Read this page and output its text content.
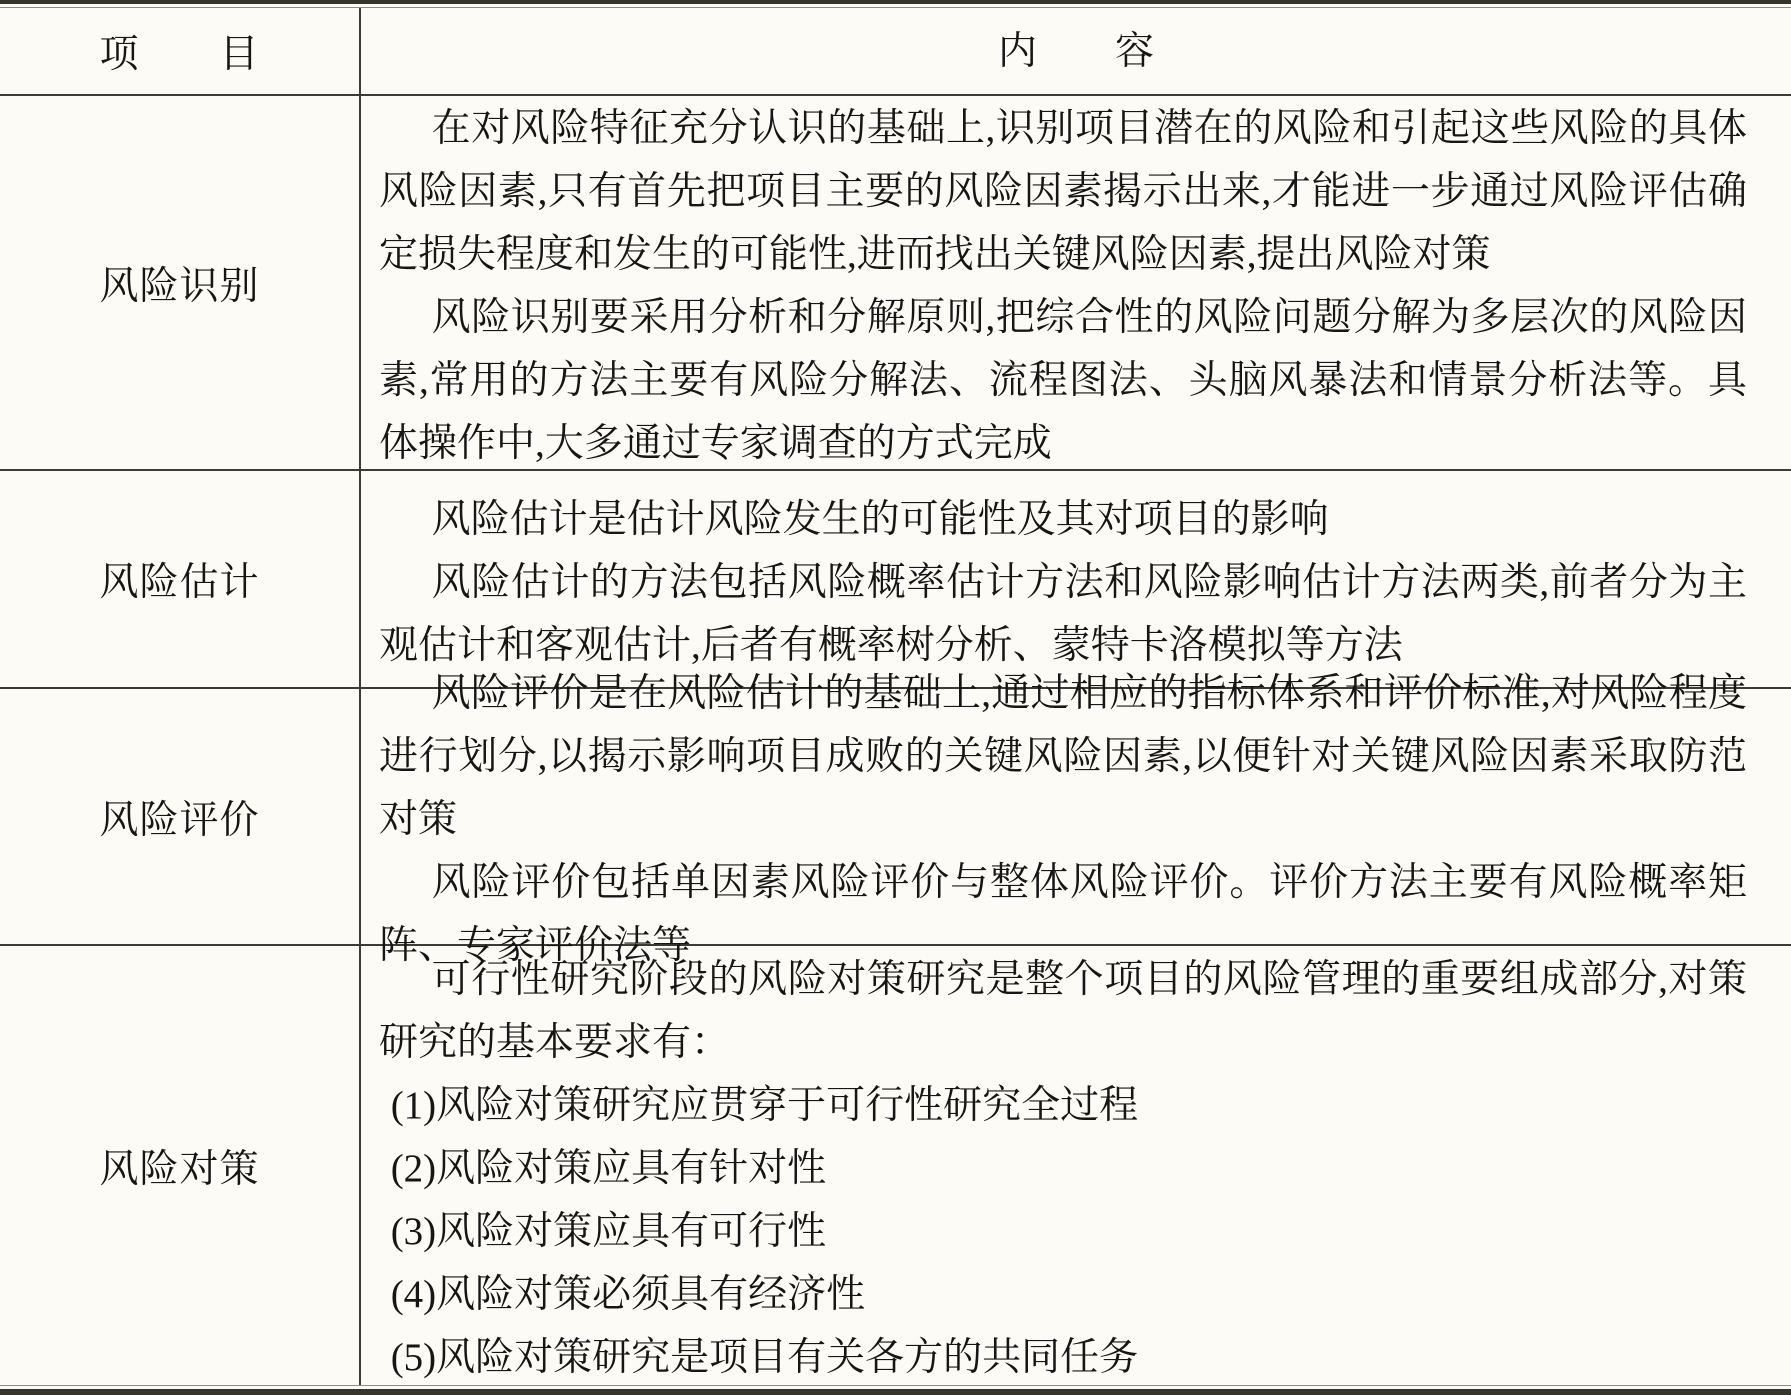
项　　目	内　　容
风险识别

在对风险特征充分认识的基础上,识别项目潜在的风险和引起这些风险的具体风险因素,只有首先把项目主要的风险因素揭示出来,才能进一步通过风险评估确定损失程度和发生的可能性,进而找出关键风险因素,提出风险对策

风险识别要采用分析和分解原则,把综合性的风险问题分解为多层次的风险因素,常用的方法主要有风险分解法、流程图法、头脑风暴法和情景分析法等。具体操作中,大多通过专家调查的方式完成

风险估计

风险估计是估计风险发生的可能性及其对项目的影响

风险估计的方法包括风险概率估计方法和风险影响估计方法两类,前者分为主观估计和客观估计,后者有概率树分析、蒙特卡洛模拟等方法

风险评价

风险评价是在风险估计的基础上,通过相应的指标体系和评价标准,对风险程度进行划分,以揭示影响项目成败的关键风险因素,以便针对关键风险因素采取防范对策

风险评价包括单因素风险评价与整体风险评价。评价方法主要有风险概率矩阵、专家评价法等

风险对策

可行性研究阶段的风险对策研究是整个项目的风险管理的重要组成部分,对策研究的基本要求有：

(1)风险对策研究应贯穿于可行性研究全过程

(2)风险对策应具有针对性

(3)风险对策应具有可行性

(4)风险对策必须具有经济性

(5)风险对策研究是项目有关各方的共同任务
